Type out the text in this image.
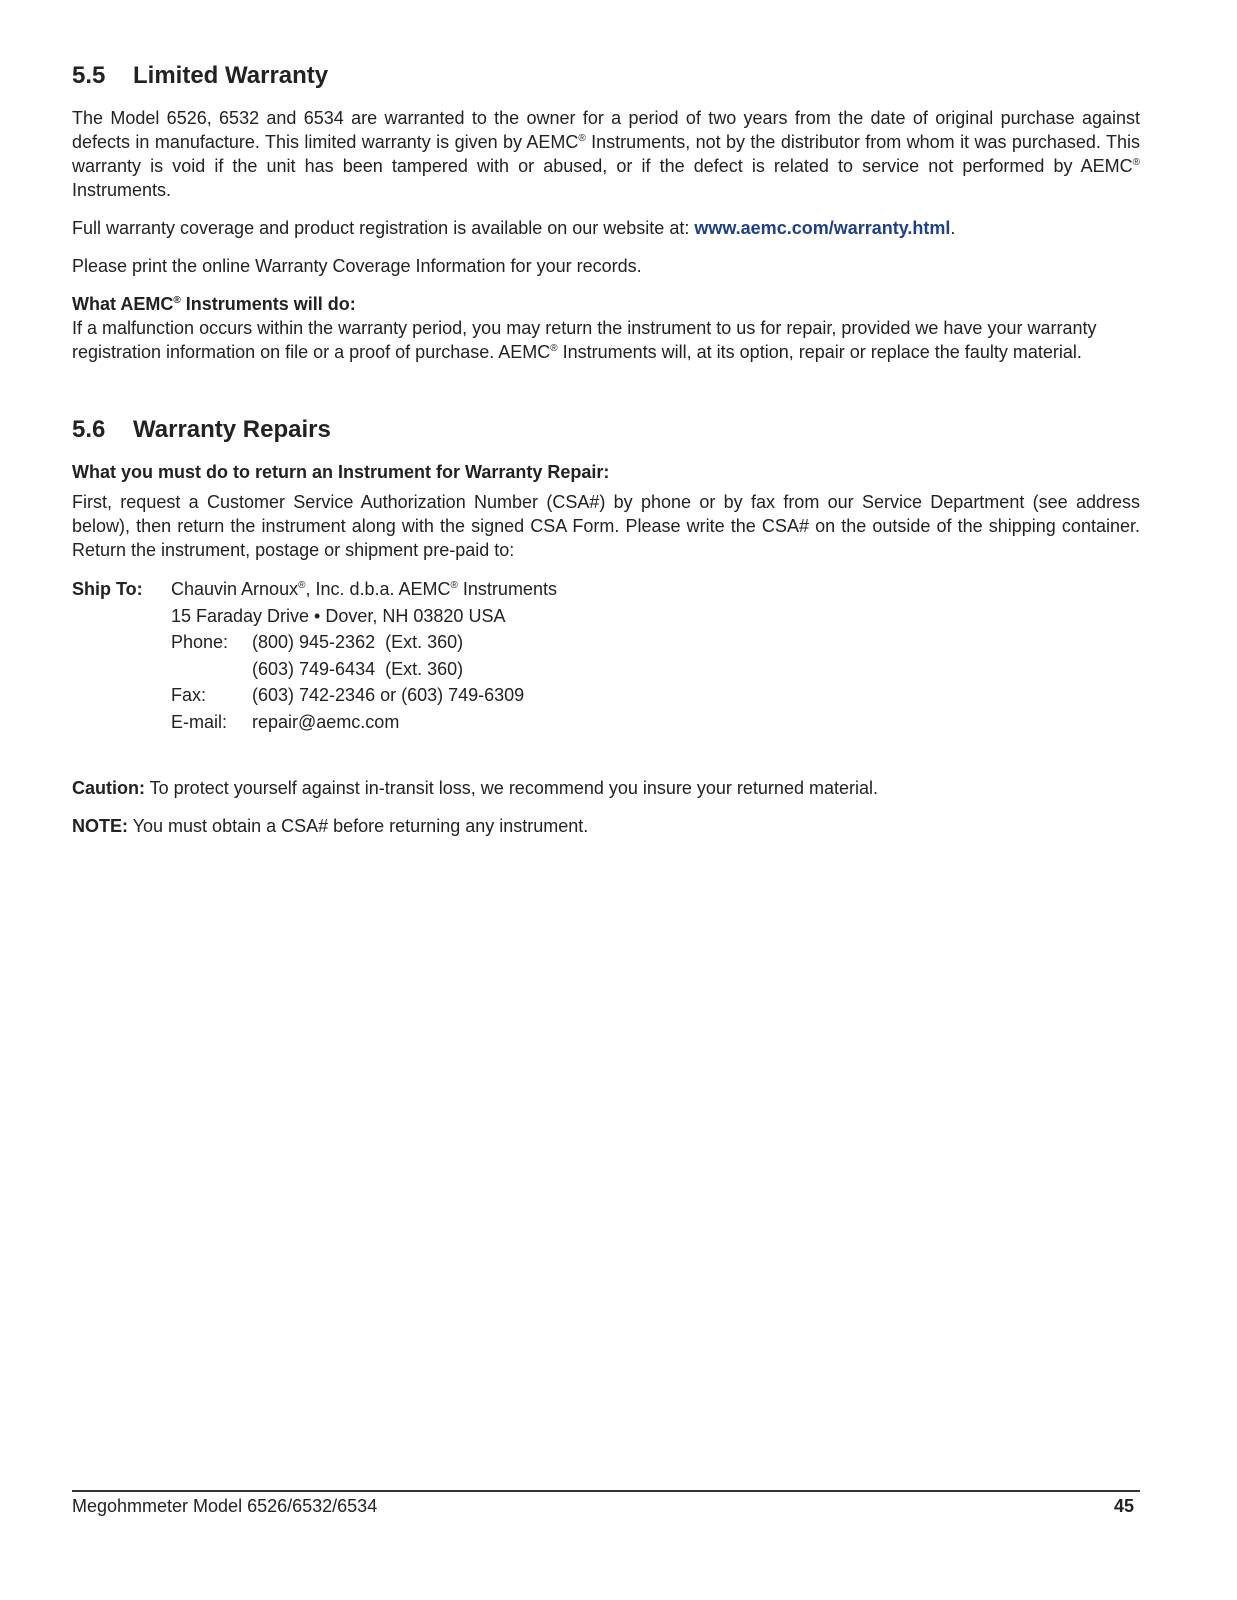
5.5 Limited Warranty

The Model 6526, 6532 and 6534 are warranted to the owner for a period of two years from the date of original purchase against defects in manufacture. This limited warranty is given by AEMC® Instruments, not by the distributor from whom it was purchased. This warranty is void if the unit has been tampered with or abused, or if the defect is related to service not performed by AEMC® Instruments.

Full warranty coverage and product registration is available on our website at: www.aemc.com/warranty.html.

Please print the online Warranty Coverage Information for your records.

What AEMC® Instruments will do:

If a malfunction occurs within the warranty period, you may return the instrument to us for repair, provided we have your warranty registration information on file or a proof of purchase. AEMC® Instruments will, at its option, repair or replace the faulty material.

5.6 Warranty Repairs
What you must do to return an Instrument for Warranty Repair:

First, request a Customer Service Authorization Number (CSA#) by phone or by fax from our Service Department (see address below), then return the instrument along with the signed CSA Form. Please write the CSA# on the outside of the shipping container. Return the instrument, postage or shipment pre-paid to:

Ship To:	Chauvin Arnoux®, Inc. d.b.a. AEMC® Instruments
15 Faraday Drive • Dover, NH 03820 USA
Phone:	(800) 945-2362  (Ext. 360)
(603) 749-6434  (Ext. 360)
Fax:	(603) 742-2346 or (603) 749-6309
E-mail:	repair@aemc.com

Caution: To protect yourself against in-transit loss, we recommend you insure your returned material.

NOTE: You must obtain a CSA# before returning any instrument.

Megohmmeter Model 6526/6532/6534	45
